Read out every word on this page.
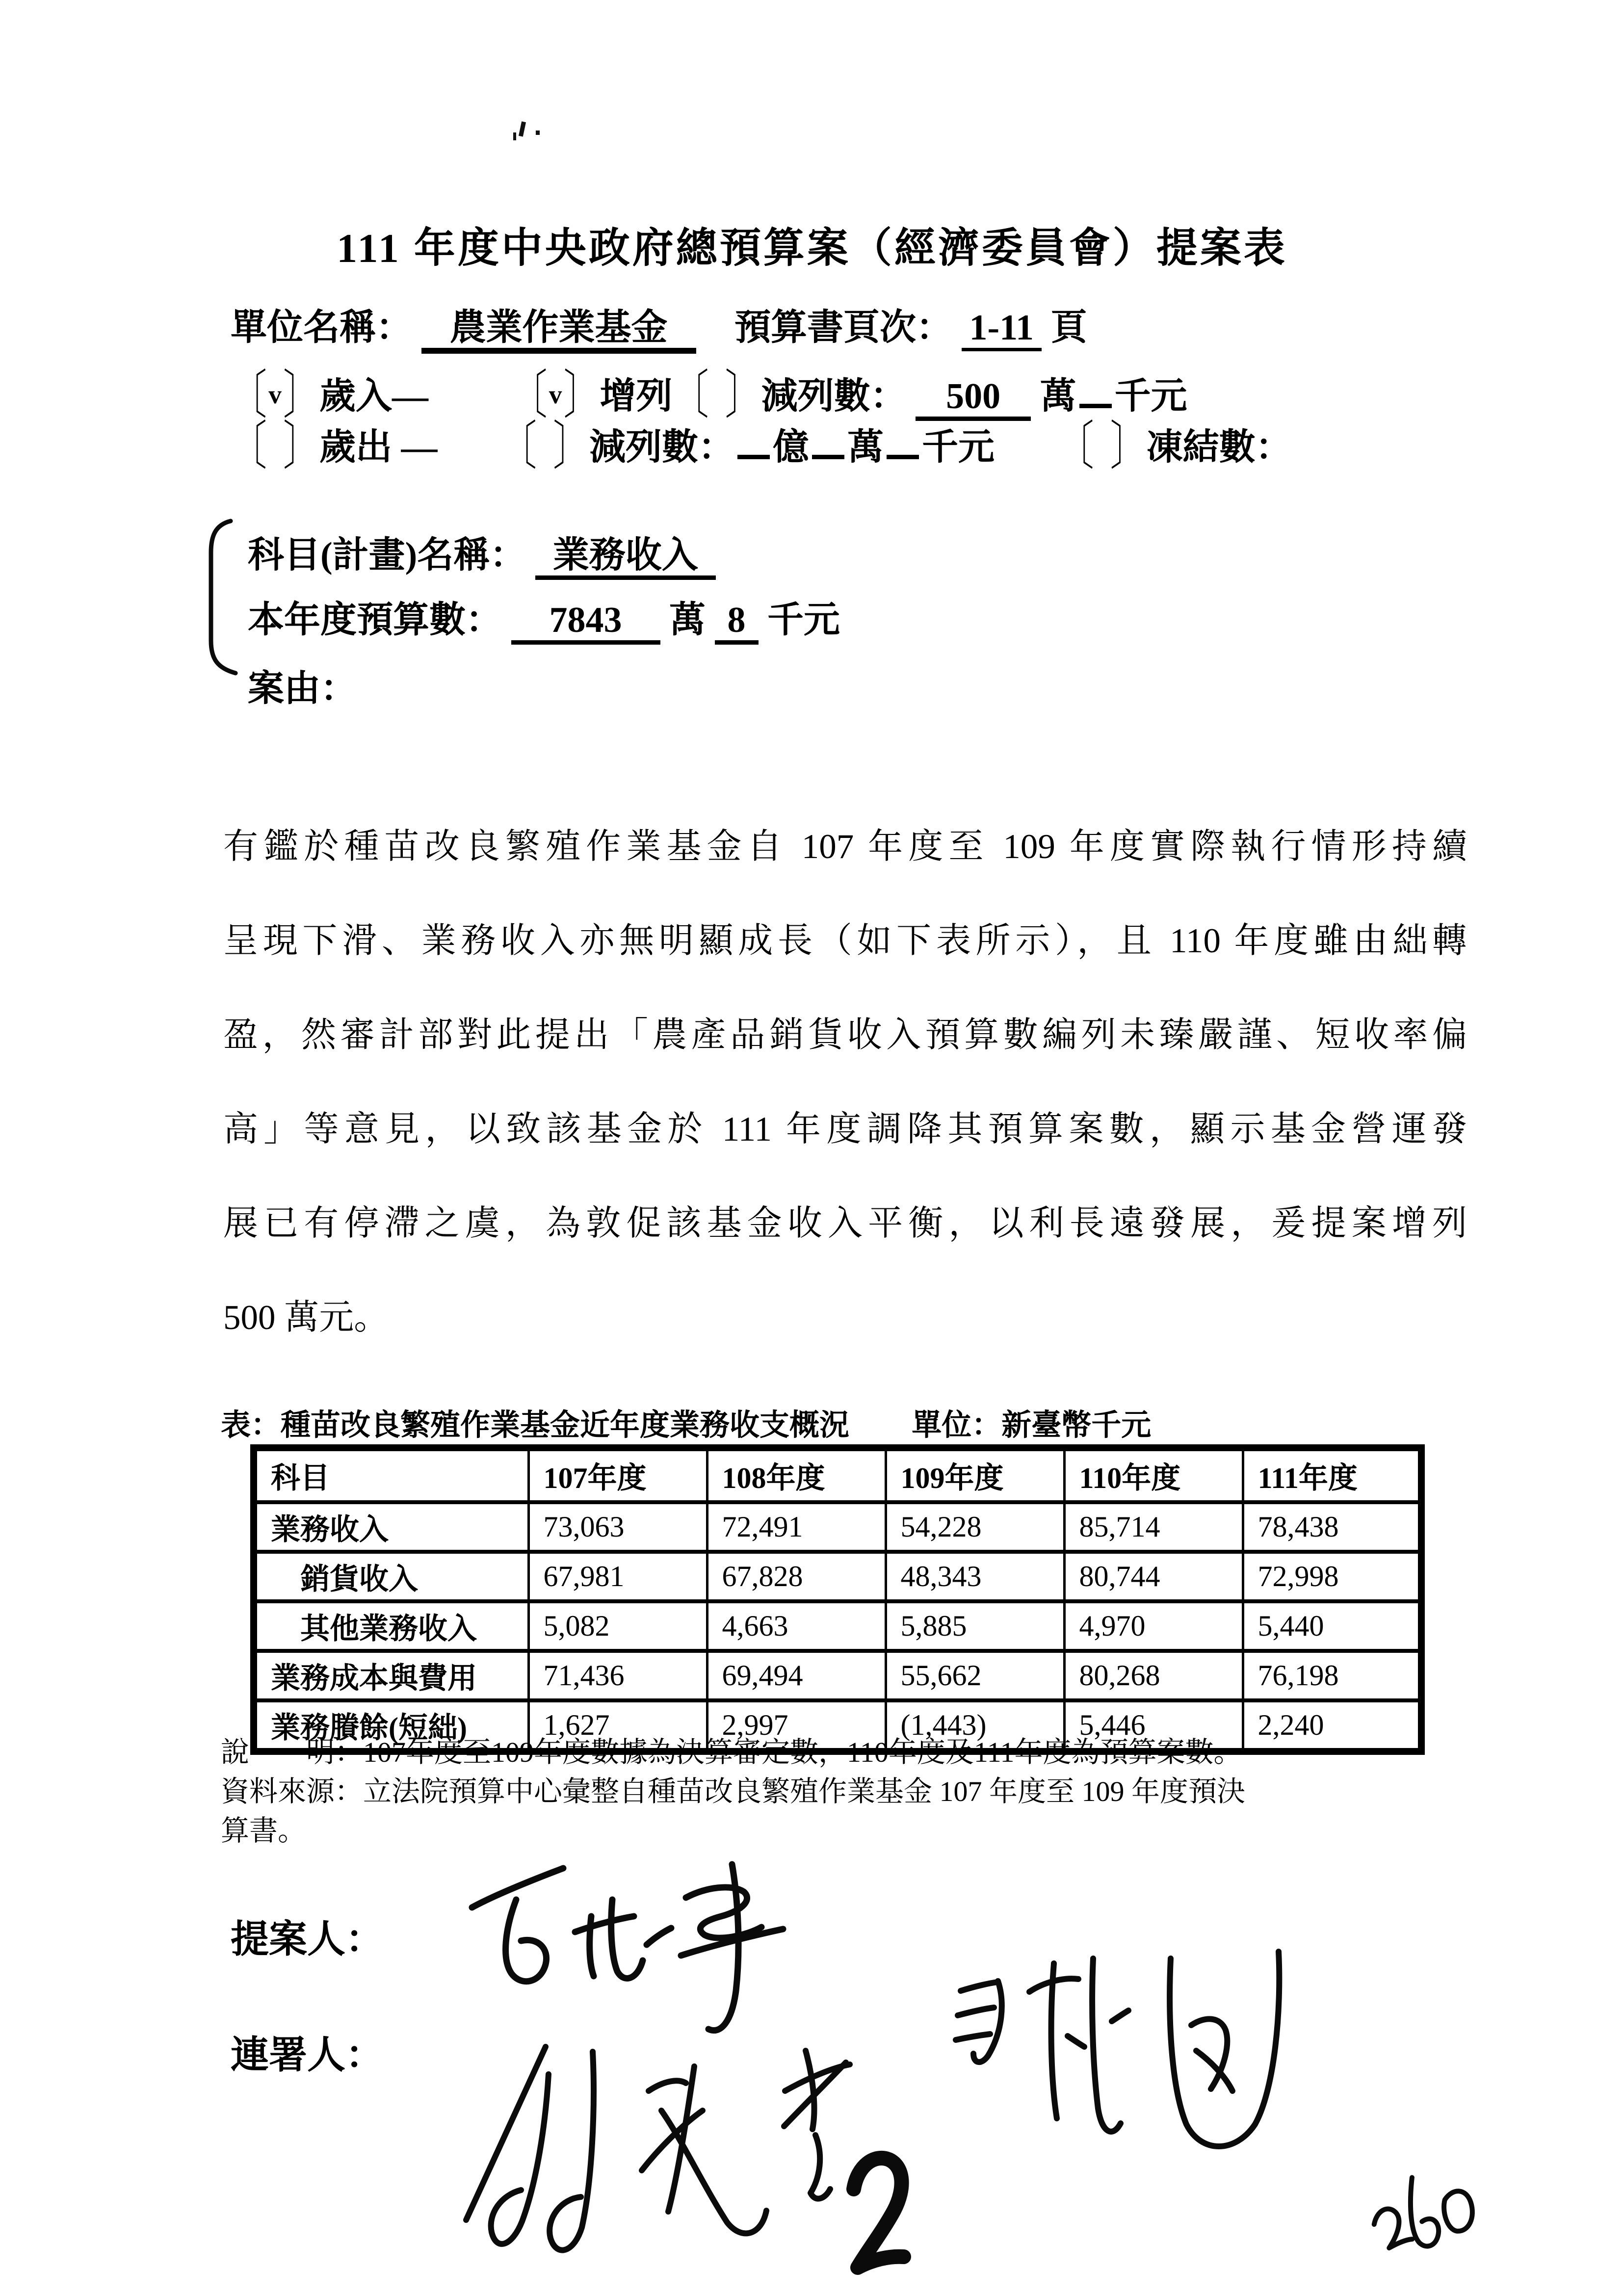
111 年度中央政府總預算案（經濟委員會）提案表
單位名稱： 農業作業基金 預算書頁次： 1-11 頁
〔v〕歲入— 〔v〕增列〔 〕減列數： 500 萬 千元
〔 〕歲出 — 〔 〕減列數： 億 萬 千元 〔 〕凍結數：
科目(計畫)名稱： 業務收入
本年度預算數： 7843 萬 8 千元
案由：
有鑑於種苗改良繁殖作業基金自 107 年度至 109 年度實際執行情形持續
呈現下滑、業務收入亦無明顯成長（如下表所示），且 110 年度雖由絀轉
盈，然審計部對此提出「農產品銷貨收入預算數編列未臻嚴謹、短收率偏
高」等意見，以致該基金於 111 年度調降其預算案數，顯示基金營運發
展已有停滯之虞，為敦促該基金收入平衡，以利長遠發展，爰提案增列
500 萬元。
表：種苗改良繁殖作業基金近年度業務收支概況 單位：新臺幣千元
科目	107年度	108年度	109年度	110年度	111年度
業務收入	73,063	72,491	54,228	85,714	78,438
銷貨收入	67,981	67,828	48,343	80,744	72,998
其他業務收入	5,082	4,663	5,885	4,970	5,440
業務成本與費用	71,436	69,494	55,662	80,268	76,198
業務賸餘(短絀)	1,627	2,997	(1,443)	5,446	2,240
說　　明：107年度至109年度數據為決算審定數，110年度及111年度為預算案數。
資料來源：立法院預算中心彙整自種苗改良繁殖作業基金 107 年度至 109 年度預決
算書。
提案人：
連署人：
